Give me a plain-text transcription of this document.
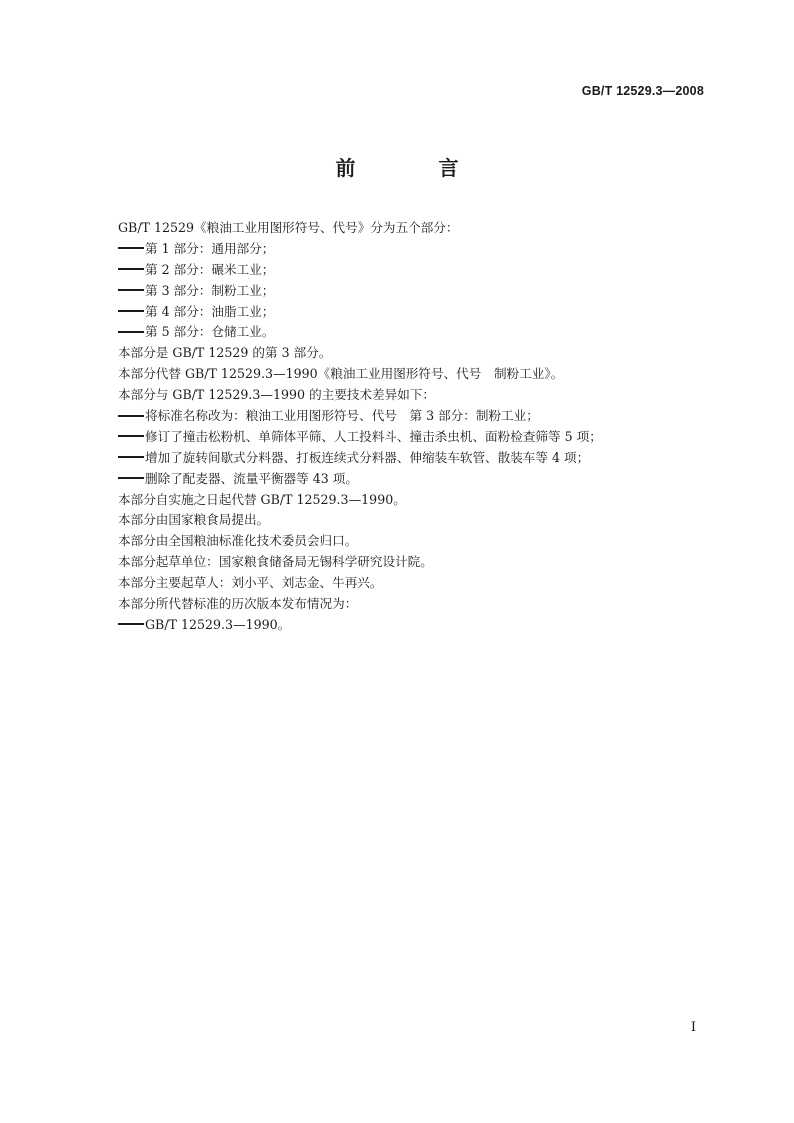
GB/T 12529.3—2008
前 言
GB/T 12529《粮油工业用图形符号、代号》分为五个部分：
第 1 部分：通用部分；
第 2 部分：碾米工业；
第 3 部分：制粉工业；
第 4 部分：油脂工业；
第 5 部分：仓储工业。
本部分是 GB/T 12529 的第 3 部分。
本部分代替 GB/T 12529.3—1990《粮油工业用图形符号、代号　制粉工业》。
本部分与 GB/T 12529.3—1990 的主要技术差异如下：
将标准名称改为：粮油工业用图形符号、代号　第 3 部分：制粉工业；
修订了撞击松粉机、单筛体平筛、人工投料斗、撞击杀虫机、面粉检查筛等 5 项；
增加了旋转间歇式分料器、打板连续式分料器、伸缩装车软管、散装车等 4 项；
删除了配麦器、流量平衡器等 43 项。
本部分自实施之日起代替 GB/T 12529.3—1990。
本部分由国家粮食局提出。
本部分由全国粮油标准化技术委员会归口。
本部分起草单位：国家粮食储备局无锡科学研究设计院。
本部分主要起草人：刘小平、刘志金、牛再兴。
本部分所代替标准的历次版本发布情况为：
GB/T 12529.3—1990。
I
